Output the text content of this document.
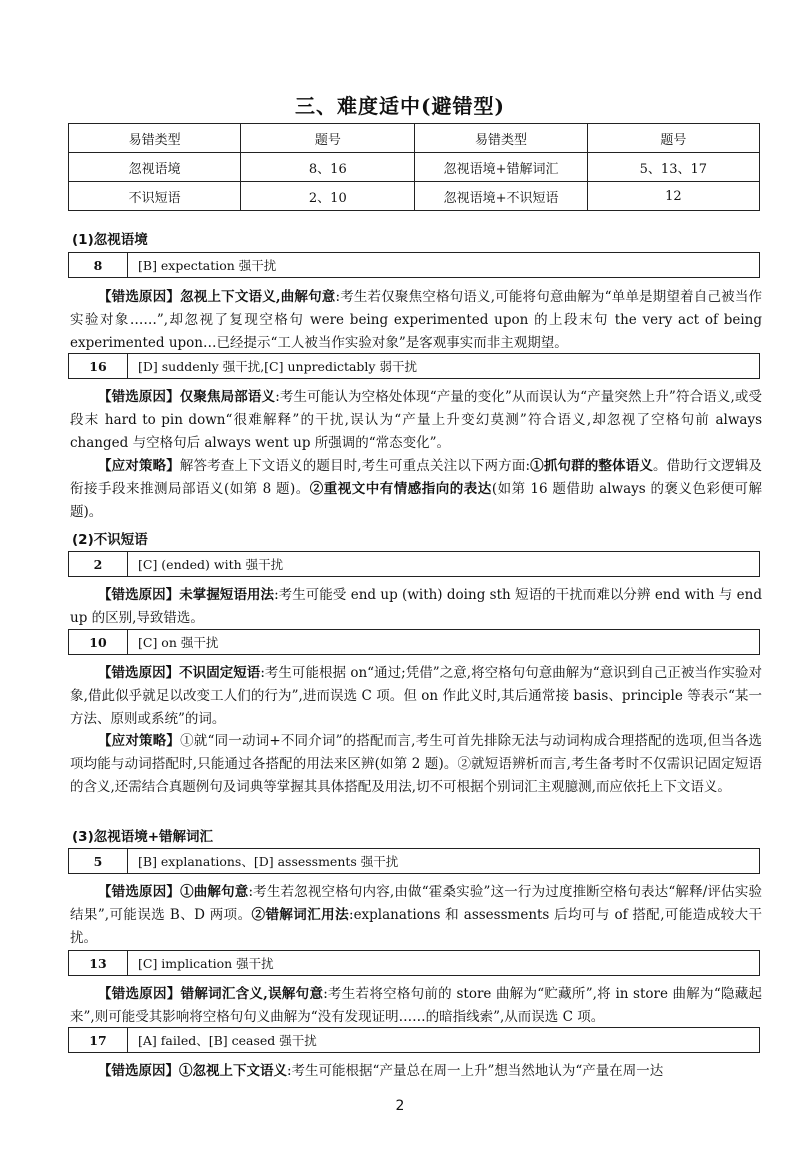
三、难度适中(避错型)
易错类型	题号	易错类型	题号
忽视语境	8、16	忽视语境+错解词汇	5、13、17
不识短语	2、10	忽视语境+不识短语	12
(1)忽视语境
8	[B] expectation 强干扰
【错选原因】忽视上下文语义,曲解句意:考生若仅聚焦空格句语义,可能将句意曲解为“单单是期望着自己被当作实验对象……”,却忽视了复现空格句 were being experimented upon 的上段末句 the very act of being experimented upon…已经提示“工人被当作实验对象”是客观事实而非主观期望。
16	[D] suddenly 强干扰,[C] unpredictably 弱干扰
【错选原因】仅聚焦局部语义:考生可能认为空格处体现“产量的变化”从而误认为“产量突然上升”符合语义,或受段末 hard to pin down“很难解释”的干扰,误认为“产量上升变幻莫测”符合语义,却忽视了空格句前 always changed 与空格句后 always went up 所强调的“常态变化”。
【应对策略】解答考查上下文语义的题目时,考生可重点关注以下两方面:①抓句群的整体语义。借助行文逻辑及衔接手段来推测局部语义(如第 8 题)。②重视文中有情感指向的表达(如第 16 题借助 always 的褒义色彩便可解题)。
(2)不识短语
2	[C] (ended) with 强干扰
【错选原因】未掌握短语用法:考生可能受 end up (with) doing sth 短语的干扰而难以分辨 end with 与 end up 的区别,导致错选。
10	[C] on 强干扰
【错选原因】不识固定短语:考生可能根据 on“通过;凭借”之意,将空格句句意曲解为“意识到自己正被当作实验对象,借此似乎就足以改变工人们的行为”,进而误选 C 项。但 on 作此义时,其后通常接 basis、principle 等表示“某一方法、原则或系统”的词。
【应对策略】①就“同一动词+不同介词”的搭配而言,考生可首先排除无法与动词构成合理搭配的选项,但当各选项均能与动词搭配时,只能通过各搭配的用法来区辨(如第 2 题)。②就短语辨析而言,考生备考时不仅需识记固定短语的含义,还需结合真题例句及词典等掌握其具体搭配及用法,切不可根据个别词汇主观臆测,而应依托上下文语义。
(3)忽视语境+错解词汇
5	[B] explanations、[D] assessments 强干扰
【错选原因】①曲解句意:考生若忽视空格句内容,由做“霍桑实验”这一行为过度推断空格句表达“解释/评估实验结果”,可能误选 B、D 两项。②错解词汇用法:explanations 和 assessments 后均可与 of 搭配,可能造成较大干扰。
13	[C] implication 强干扰
【错选原因】错解词汇含义,误解句意:考生若将空格句前的 store 曲解为“贮藏所”,将 in store 曲解为“隐藏起来”,则可能受其影响将空格句句义曲解为“没有发现证明……的暗指线索”,从而误选 C 项。
17	[A] failed、[B] ceased 强干扰
【错选原因】①忽视上下文语义:考生可能根据“产量总在周一上升”想当然地认为“产量在周一达
2
